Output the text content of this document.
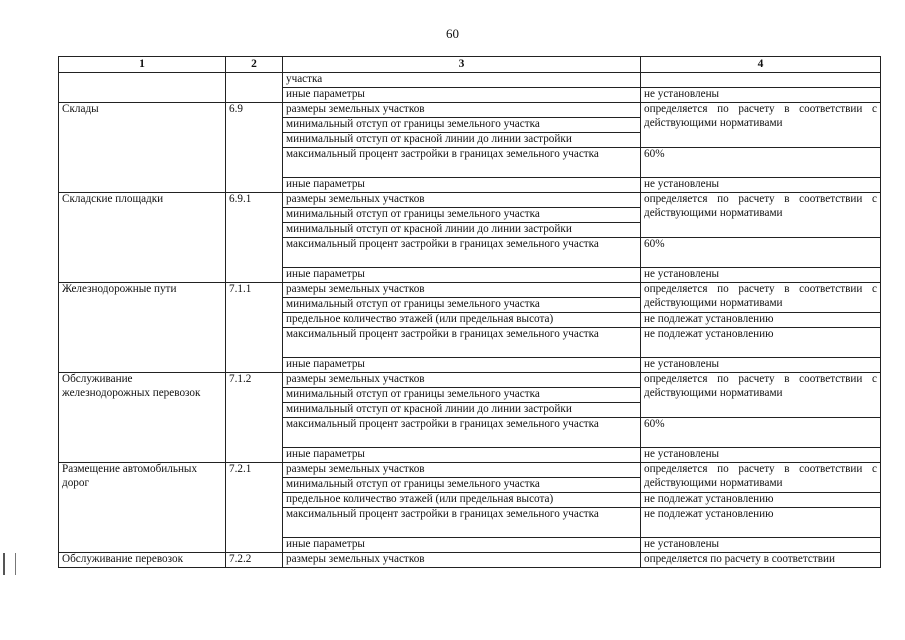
60
1	2	3	4
		участка	
		иные параметры	не установлены
Склады	6.9	размеры земельных участков	определяется по расчету в соответствии с действующими нормативами
		минимальный отступ от границы земельного участка	
		минимальный отступ от красной линии до линии застройки	
		максимальный процент застройки в границах земельного участка	60%
		иные параметры	не установлены
Складские площадки	6.9.1	размеры земельных участков	определяется по расчету в соответствии с действующими нормативами
		минимальный отступ от границы земельного участка	
		минимальный отступ от красной линии до линии застройки	
		максимальный процент застройки в границах земельного участка	60%
		иные параметры	не установлены
Железнодорожные пути	7.1.1	размеры земельных участков	определяется по расчету в соответствии с действующими нормативами
		минимальный отступ от границы земельного участка	
		предельное количество этажей (или предельная высота)	не подлежат установлению
		максимальный процент застройки в границах земельного участка	не подлежат установлению
		иные параметры	не установлены
Обслуживание железнодорожных перевозок	7.1.2	размеры земельных участков	определяется по расчету в соответствии с действующими нормативами
		минимальный отступ от границы земельного участка	
		минимальный отступ от красной линии до линии застройки	
		максимальный процент застройки в границах земельного участка	60%
		иные параметры	не установлены
Размещение автомобильных дорог	7.2.1	размеры земельных участков	определяется по расчету в соответствии с действующими нормативами
		минимальный отступ от границы земельного участка	
		предельное количество этажей (или предельная высота)	не подлежат установлению
		максимальный процент застройки в границах земельного участка	не подлежат установлению
		иные параметры	не установлены
Обслуживание перевозок	7.2.2	размеры земельных участков	определяется по расчету в соответствии
